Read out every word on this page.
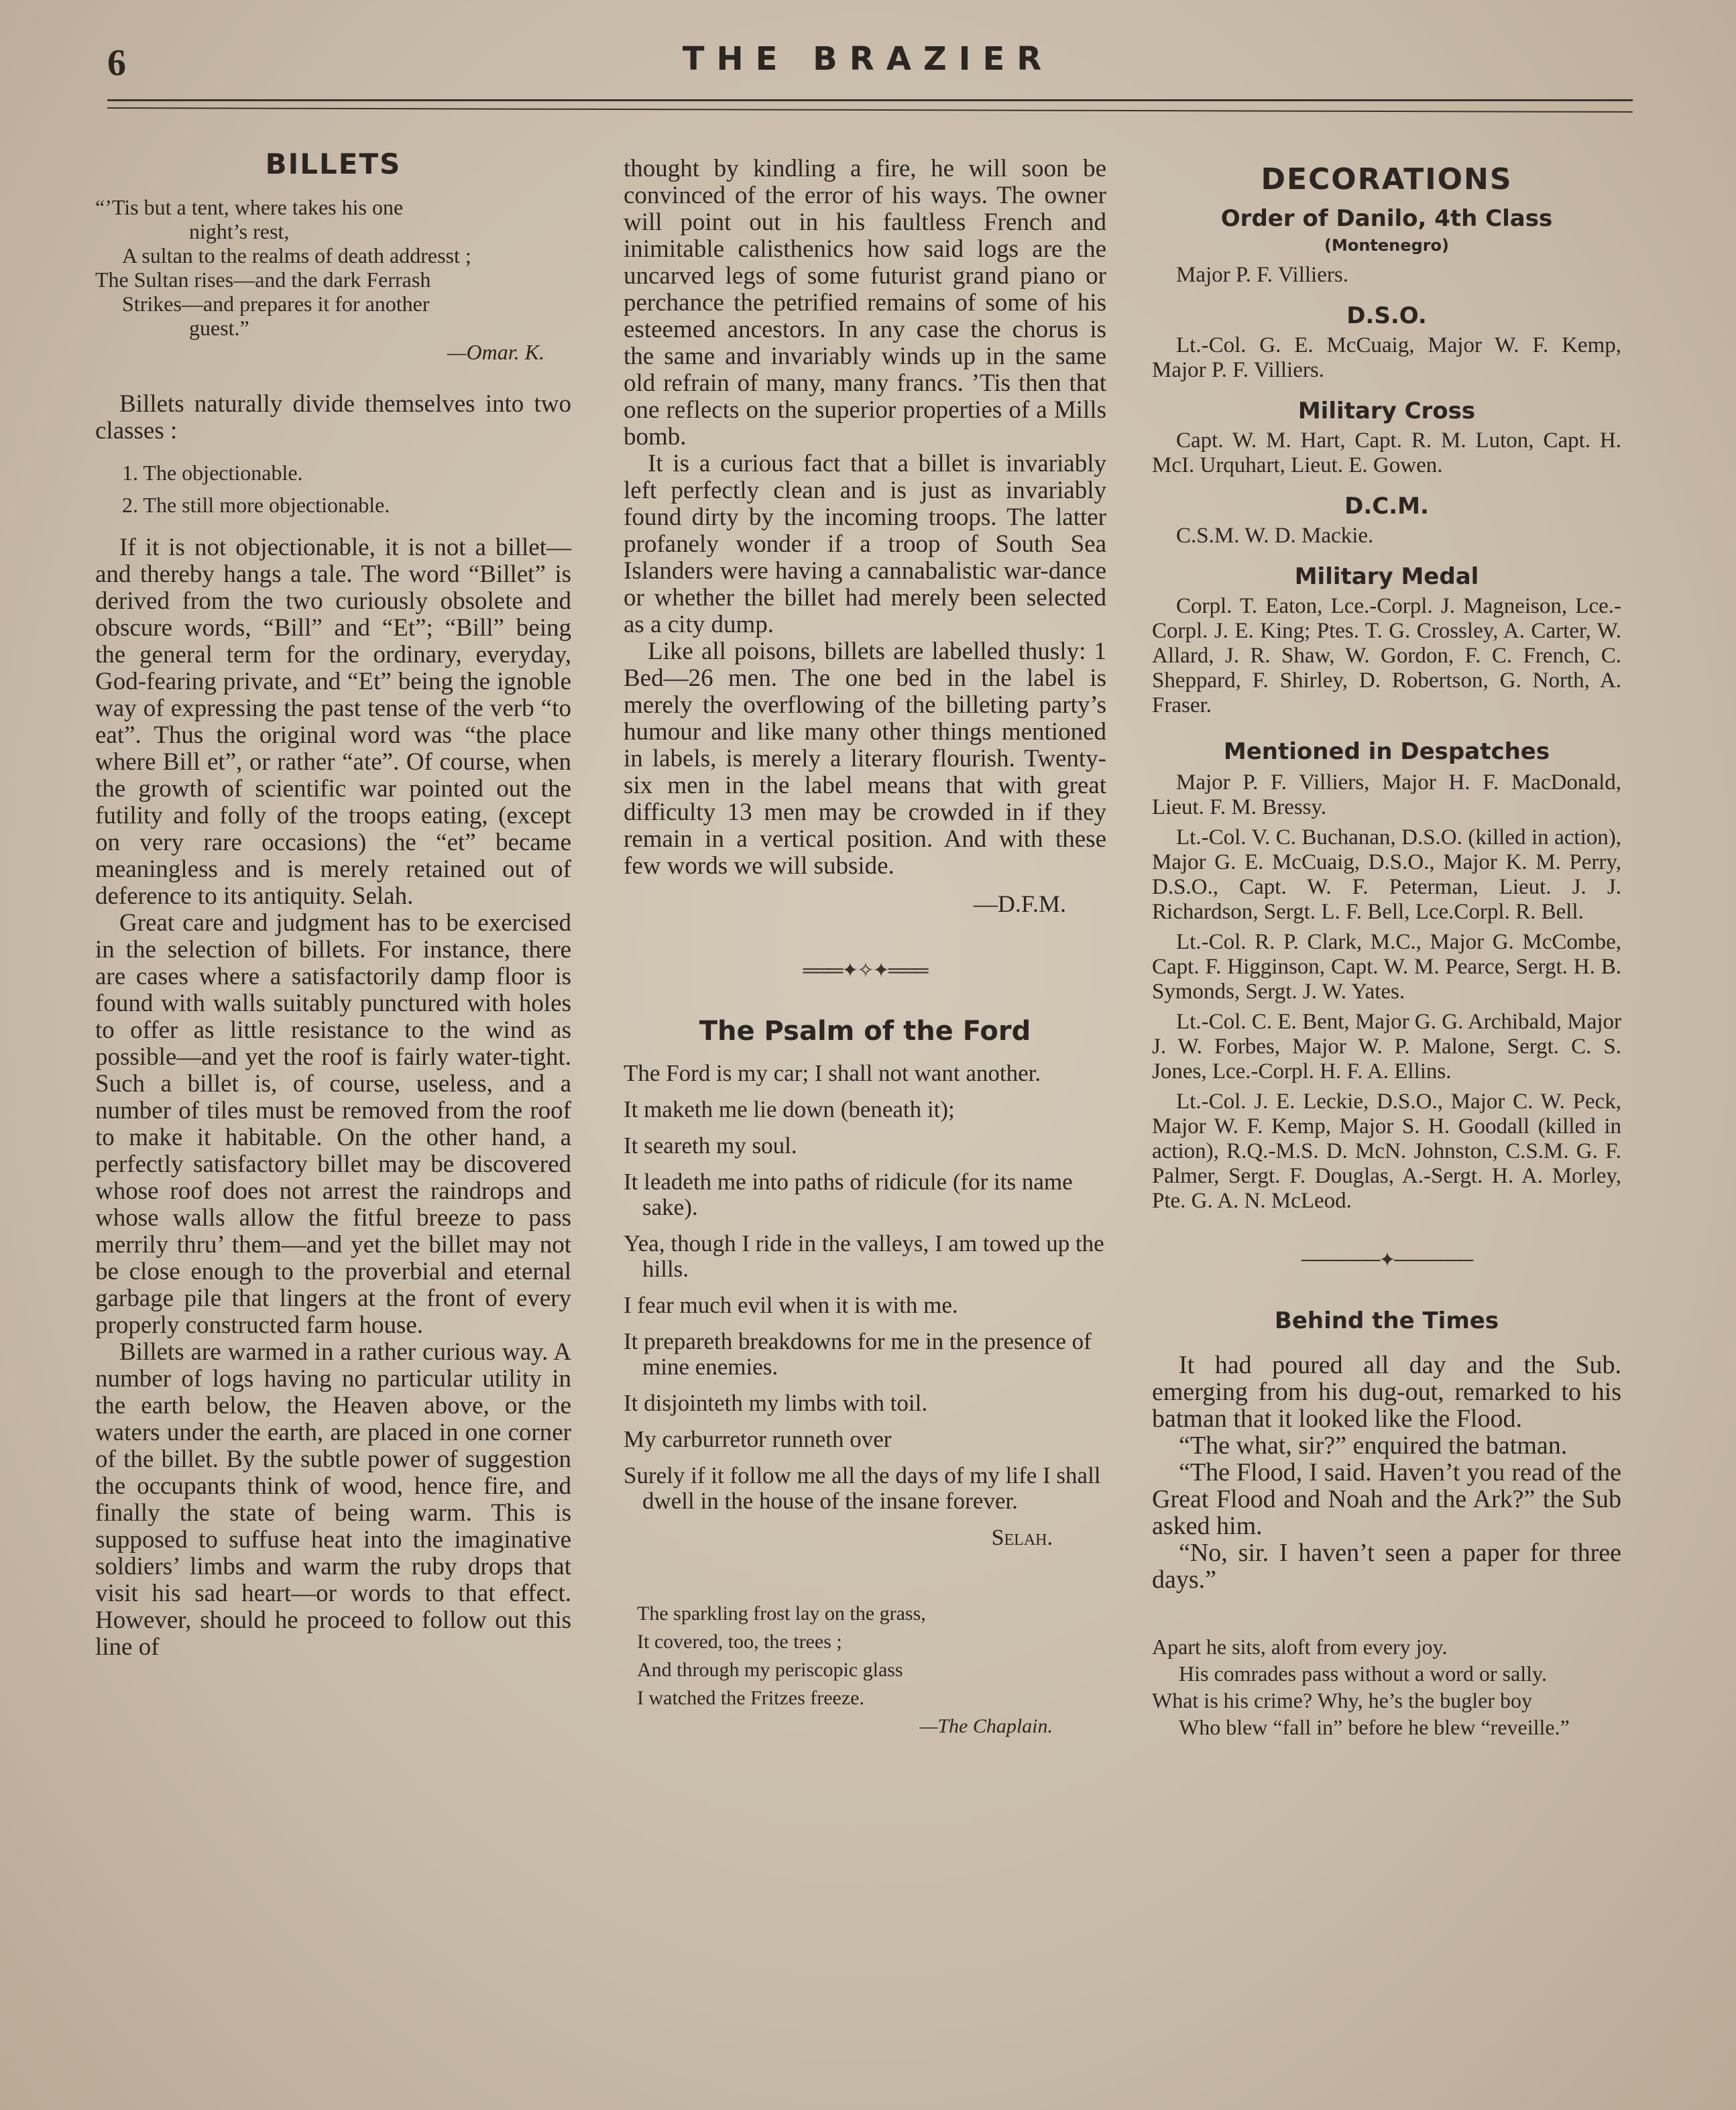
6	THE BRAZIER
BILLETS

“’Tis but a tent, where takes his one

night’s rest,

A sultan to the realms of death addresst ;

The Sultan rises—and the dark Ferrash

Strikes—and prepares it for another

guest.”

—Omar. K.

Billets naturally divide themselves into two classes :

1. The objectionable.
2. The still more objectionable.

If it is not objectionable, it is not a billet—and thereby hangs a tale. The word “Billet” is derived from the two curiously obsolete and obscure words, “Bill” and “Et”; “Bill” being the general term for the ordinary, everyday, God-fearing private, and “Et” being the ignoble way of expressing the past tense of the verb “to eat”. Thus the original word was “the place where Bill et”, or rather “ate”. Of course, when the growth of scientific war pointed out the futility and folly of the troops eating, (except on very rare occasions) the “et” became meaningless and is merely retained out of deference to its antiquity. Selah.

Great care and judgment has to be exercised in the selection of billets. For instance, there are cases where a satisfactorily damp floor is found with walls suitably punctured with holes to offer as little resistance to the wind as possible—and yet the roof is fairly water-tight. Such a billet is, of course, useless, and a number of tiles must be removed from the roof to make it habitable. On the other hand, a perfectly satisfactory billet may be discovered whose roof does not arrest the raindrops and whose walls allow the fitful breeze to pass merrily thru’ them—and yet the billet may not be close enough to the proverbial and eternal garbage pile that lingers at the front of every properly constructed farm house.

Billets are warmed in a rather curious way. A number of logs having no particular utility in the earth below, the Heaven above, or the waters under the earth, are placed in one corner of the billet. By the subtle power of suggestion the occupants think of wood, hence fire, and finally the state of being warm. This is supposed to suffuse heat into the imaginative soldiers’ limbs and warm the ruby drops that visit his sad heart—or words to that effect. However, should he proceed to follow out this line of

thought by kindling a fire, he will soon be convinced of the error of his ways. The owner will point out in his faultless French and inimitable calisthenics how said logs are the uncarved legs of some futurist grand piano or perchance the petrified remains of some of his esteemed ancestors. In any case the chorus is the same and invariably winds up in the same old refrain of many, many francs. ’Tis then that one reflects on the superior properties of a Mills bomb.

It is a curious fact that a billet is invariably left perfectly clean and is just as invariably found dirty by the incoming troops. The latter profanely wonder if a troop of South Sea Islanders were having a cannabalistic war-dance or whether the billet had merely been selected as a city dump.

Like all poisons, billets are labelled thusly: 1 Bed—26 men. The one bed in the label is merely the overflowing of the billeting party’s humour and like many other things mentioned in labels, is merely a literary flourish. Twenty-six men in the label means that with great difficulty 13 men may be crowded in if they remain in a vertical position. And with these few words we will subside.

—D.F.M.
═══✦✧✦═══
The Psalm of the Ford

The Ford is my car; I shall not want another.

It maketh me lie down (beneath it);

It seareth my soul.

It leadeth me into paths of ridicule (for its name sake).

Yea, though I ride in the valleys, I am towed up the hills.

I fear much evil when it is with me.

It prepareth breakdowns for me in the presence of mine enemies.

It disjointeth my limbs with toil.

My carburretor runneth over

Surely if it follow me all the days of my life I shall dwell in the house of the insane forever.

Selah.

The sparkling frost lay on the grass,

It covered, too, the trees ;

And through my periscopic glass

I watched the Fritzes freeze.

—The Chaplain.

DECORATIONS
Order of Danilo, 4th Class
(Montenegro)

Major P. F. Villiers.

D.S.O.

Lt.-Col. G. E. McCuaig, Major W. F. Kemp, Major P. F. Villiers.

Military Cross

Capt. W. M. Hart, Capt. R. M. Luton, Capt. H. McI. Urquhart, Lieut. E. Gowen.

D.C.M.

C.S.M. W. D. Mackie.

Military Medal

Corpl. T. Eaton, Lce.-Corpl. J. Magneison, Lce.-Corpl. J. E. King; Ptes. T. G. Crossley, A. Carter, W. Allard, J. R. Shaw, W. Gordon, F. C. French, C. Sheppard, F. Shirley, D. Robertson, G. North, A. Fraser.

Mentioned in Despatches

Major P. F. Villiers, Major H. F. MacDonald, Lieut. F. M. Bressy.

Lt.-Col. V. C. Buchanan, D.S.O. (killed in action), Major G. E. McCuaig, D.S.O., Major K. M. Perry, D.S.O., Capt. W. F. Peterman, Lieut. J. J. Richardson, Sergt. L. F. Bell, Lce.Corpl. R. Bell.

Lt.-Col. R. P. Clark, M.C., Major G. McCombe, Capt. F. Higginson, Capt. W. M. Pearce, Sergt. H. B. Symonds, Sergt. J. W. Yates.

Lt.-Col. C. E. Bent, Major G. G. Archibald, Major J. W. Forbes, Major W. P. Malone, Sergt. C. S. Jones, Lce.-Corpl. H. F. A. Ellins.

Lt.-Col. J. E. Leckie, D.S.O., Major C. W. Peck, Major W. F. Kemp, Major S. H. Goodall (killed in action), R.Q.-M.S. D. McN. Johnston, C.S.M. G. F. Palmer, Sergt. F. Douglas, A.-Sergt. H. A. Morley, Pte. G. A. N. McLeod.

──────✦──────
Behind the Times

It had poured all day and the Sub. emerging from his dug-out, remarked to his batman that it looked like the Flood.

“The what, sir?” enquired the batman.

“The Flood, I said. Haven’t you read of the Great Flood and Noah and the Ark?” the Sub asked him.

“No, sir. I haven’t seen a paper for three days.”

Apart he sits, aloft from every joy.

His comrades pass without a word or sally.

What is his crime? Why, he’s the bugler boy

Who blew “fall in” before he blew “reveille.”
